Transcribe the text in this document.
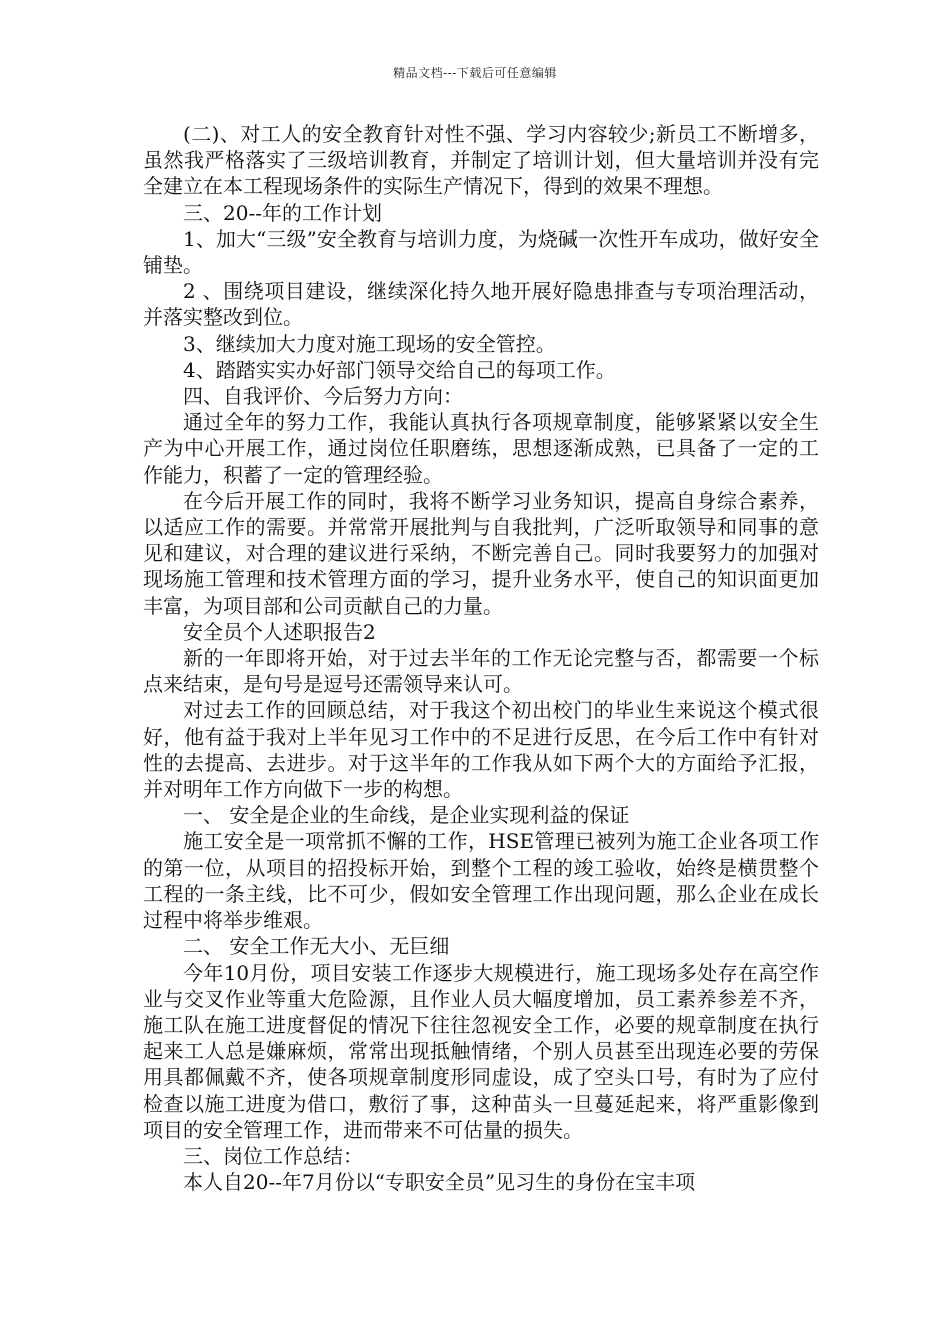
精品文档---下载后可任意编辑

(二)、对工人的安全教育针对性不强、学习内容较少;新员工不断增多，虽然我严格落实了三级培训教育，并制定了培训计划，但大量培训并没有完全建立在本工程现场条件的实际生产情况下，得到的效果不理想。

三、20--年的工作计划

1、加大“三级”安全教育与培训力度，为烧碱一次性开车成功，做好安全铺垫。

2 、围绕项目建设，继续深化持久地开展好隐患排查与专项治理活动，并落实整改到位。

3、继续加大力度对施工现场的安全管控。

4、踏踏实实办好部门领导交给自己的每项工作。

四、自我评价、今后努力方向：

通过全年的努力工作，我能认真执行各项规章制度，能够紧紧以安全生产为中心开展工作，通过岗位任职磨练，思想逐渐成熟，已具备了一定的工作能力，积蓄了一定的管理经验。

在今后开展工作的同时，我将不断学习业务知识，提高自身综合素养，以适应工作的需要。并常常开展批判与自我批判，广泛听取领导和同事的意见和建议，对合理的建议进行采纳，不断完善自己。同时我要努力的加强对现场施工管理和技术管理方面的学习，提升业务水平，使自己的知识面更加丰富，为项目部和公司贡献自己的力量。

安全员个人述职报告2

新的一年即将开始，对于过去半年的工作无论完整与否，都需要一个标点来结束，是句号是逗号还需领导来认可。

对过去工作的回顾总结，对于我这个初出校门的毕业生来说这个模式很好，他有益于我对上半年见习工作中的不足进行反思，在今后工作中有针对性的去提高、去进步。对于这半年的工作我从如下两个大的方面给予汇报，并对明年工作方向做下一步的构想。

一、 安全是企业的生命线，是企业实现利益的保证

施工安全是一项常抓不懈的工作，HSE管理已被列为施工企业各项工作的第一位，从项目的招投标开始，到整个工程的竣工验收，始终是横贯整个工程的一条主线，比不可少，假如安全管理工作出现问题，那么企业在成长过程中将举步维艰。

二、 安全工作无大小、无巨细

今年10月份，项目安装工作逐步大规模进行，施工现场多处存在高空作业与交叉作业等重大危险源，且作业人员大幅度增加，员工素养参差不齐，施工队在施工进度督促的情况下往往忽视安全工作，必要的规章制度在执行起来工人总是嫌麻烦，常常出现抵触情绪，个别人员甚至出现连必要的劳保用具都佩戴不齐，使各项规章制度形同虚设，成了空头口号，有时为了应付检查以施工进度为借口，敷衍了事，这种苗头一旦蔓延起来，将严重影像到项目的安全管理工作，进而带来不可估量的损失。

三、岗位工作总结：

本人自20--年7月份以“专职安全员”见习生的身份在宝丰项
